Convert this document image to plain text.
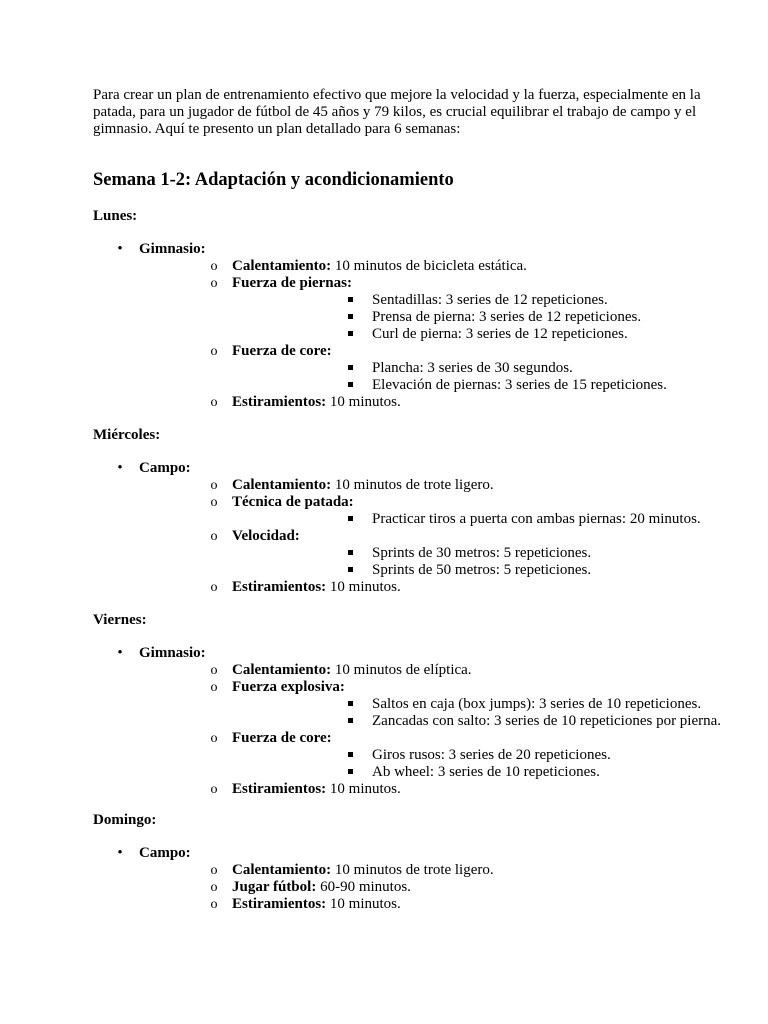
Para crear un plan de entrenamiento efectivo que mejore la velocidad y la fuerza, especialmente en la patada, para un jugador de fútbol de 45 años y 79 kilos, es crucial equilibrar el trabajo de campo y el gimnasio. Aquí te presento un plan detallado para 6 semanas:

Semana 1-2: Adaptación y acondicionamiento

Lunes:

• Gimnasio:
o Calentamiento: 10 minutos de bicicleta estática.
o Fuerza de piernas:
Sentadillas: 3 series de 12 repeticiones.
Prensa de pierna: 3 series de 12 repeticiones.
Curl de pierna: 3 series de 12 repeticiones.
o Fuerza de core:
Plancha: 3 series de 30 segundos.
Elevación de piernas: 3 series de 15 repeticiones.
o Estiramientos: 10 minutos.

Miércoles:

• Campo:
o Calentamiento: 10 minutos de trote ligero.
o Técnica de patada:
Practicar tiros a puerta con ambas piernas: 20 minutos.
o Velocidad:
Sprints de 30 metros: 5 repeticiones.
Sprints de 50 metros: 5 repeticiones.
o Estiramientos: 10 minutos.

Viernes:

• Gimnasio:
o Calentamiento: 10 minutos de elíptica.
o Fuerza explosiva:
Saltos en caja (box jumps): 3 series de 10 repeticiones.
Zancadas con salto: 3 series de 10 repeticiones por pierna.
o Fuerza de core:
Giros rusos: 3 series de 20 repeticiones.
Ab wheel: 3 series de 10 repeticiones.
o Estiramientos: 10 minutos.

Domingo:

• Campo:
o Calentamiento: 10 minutos de trote ligero.
o Jugar fútbol: 60-90 minutos.
o Estiramientos: 10 minutos.
